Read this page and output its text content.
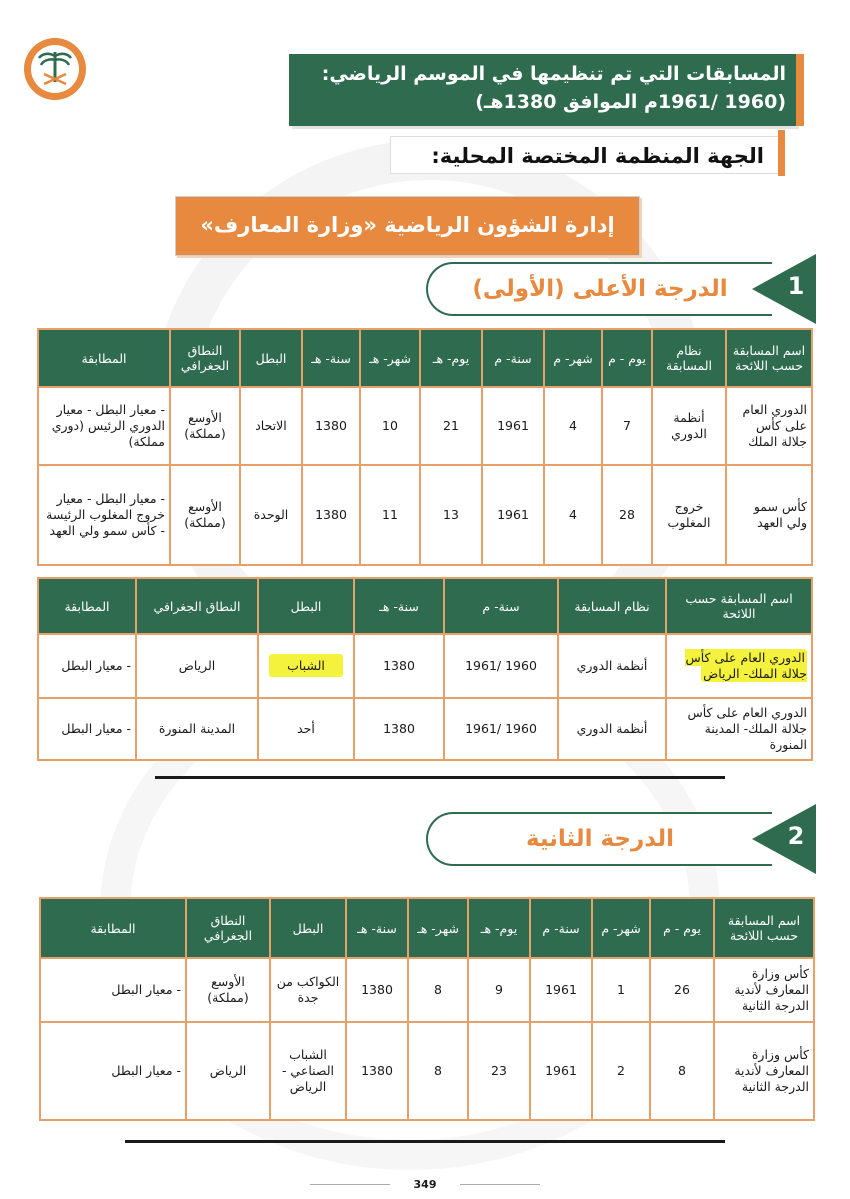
المسابقات التي تم تنظيمها في الموسم الرياضي:
(1960 /1961م الموافق 1380هـ)
الجهة المنظمة المختصة المحلية:
إدارة الشؤون الرياضية «وزارة المعارف»
الدرجة الأعلى (الأولى)	1
اسم المسابقة حسب اللائحة	نظام المسابقة	يوم - م	شهر- م	سنة- م	يوم- هـ	شهر- هـ	سنة- هـ	البطل	النطاق الجغرافي	المطابقة
الدوري العام على كأس جلالة الملك	أنظمة الدوري	7	4	1961	21	10	1380	الاتحاد	الأوسع (مملكة)	- معيار البطل - معيار الدوري الرئيس (دوري مملكة)
كأس سمو ولي العهد	خروج المغلوب	28	4	1961	13	11	1380	الوحدة	الأوسع (مملكة)	- معيار البطل - معيار خروج المغلوب الرئيسة - كأس سمو ولي العهد
اسم المسابقة حسب اللائحة	نظام المسابقة	سنة- م	سنة- هـ	البطل	النطاق الجغرافي	المطابقة
الدوري العام على كأس جلالة الملك- الرياض	أنظمة الدوري	1960 /1961	1380	الشباب	الرياض	- معيار البطل
الدوري العام على كأس جلالة الملك- المدينة المنورة	أنظمة الدوري	1960 /1961	1380	أحد	المدينة المنورة	- معيار البطل
الدرجة الثانية	2
اسم المسابقة حسب اللائحة	يوم - م	شهر- م	سنة- م	يوم- هـ	شهر- هـ	سنة- هـ	البطل	النطاق الجغرافي	المطابقة
كأس وزارة المعارف لأندية الدرجة الثانية	26	1	1961	9	8	1380	الكواكب من جدة	الأوسع (مملكة)	- معيار البطل
كأس وزارة المعارف لأندية الدرجة الثانية	8	2	1961	23	8	1380	الشباب الصناعي - الرياض	الرياض	- معيار البطل
349
